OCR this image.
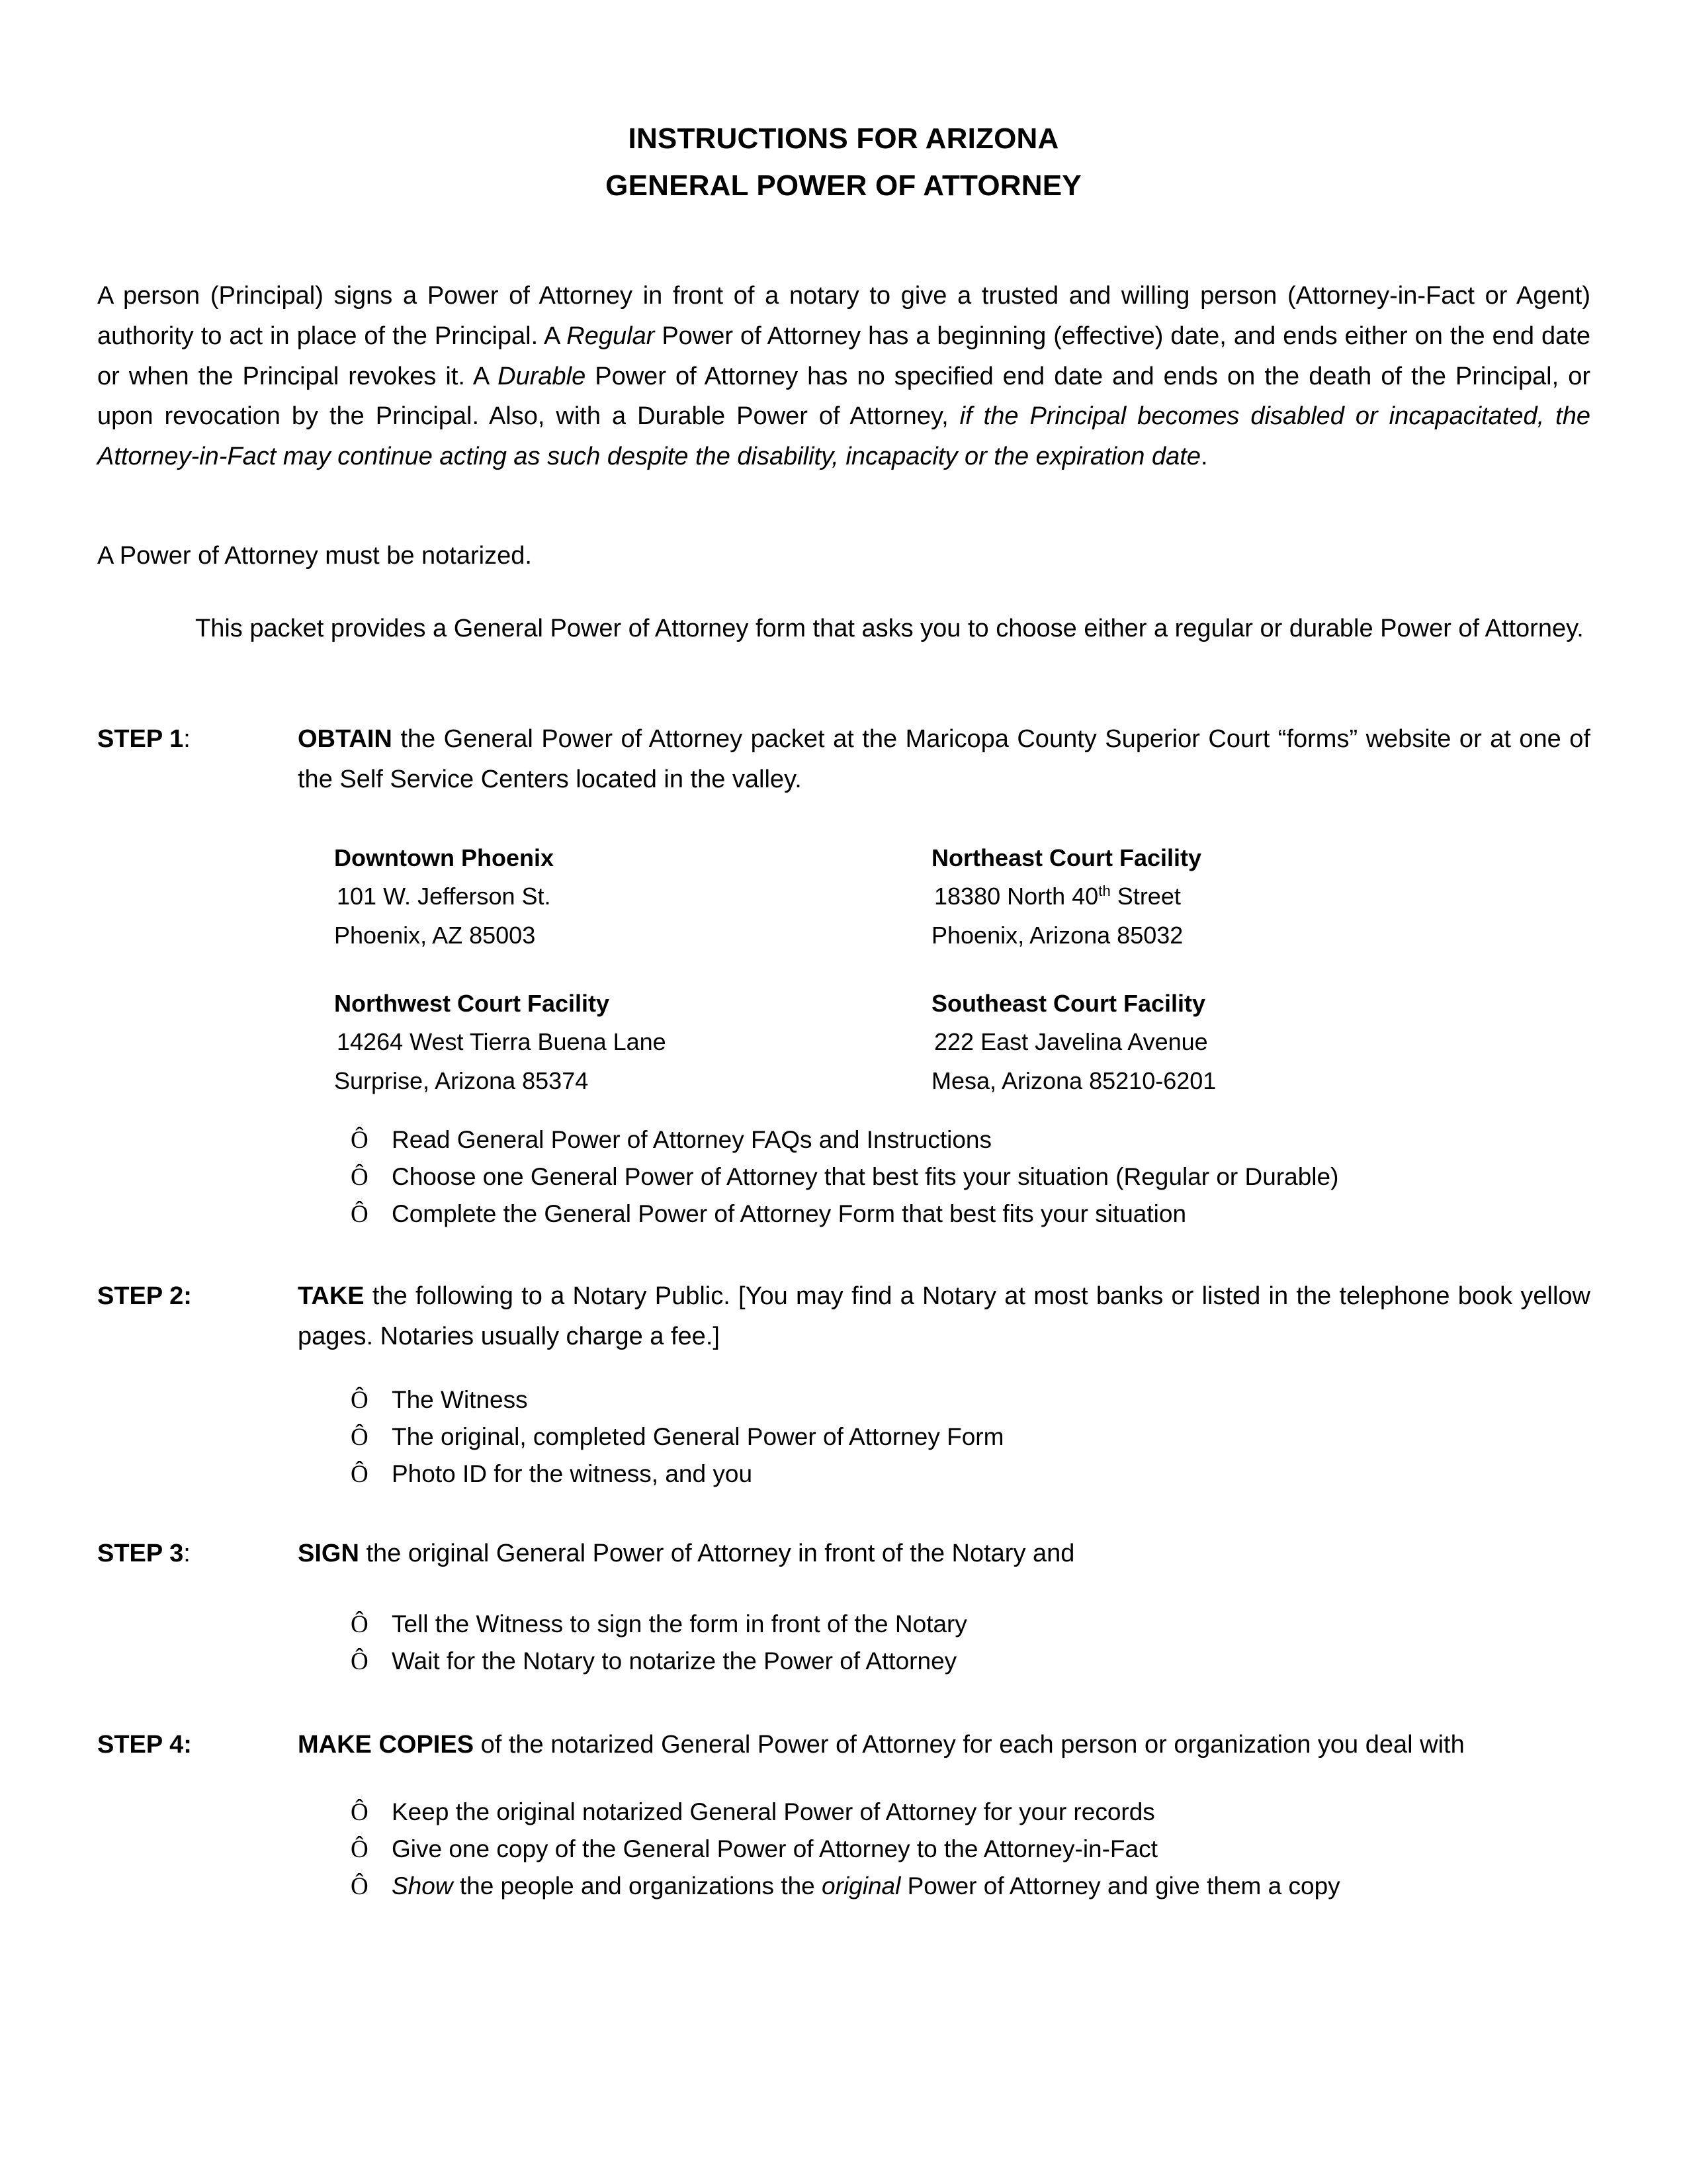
INSTRUCTIONS FOR ARIZONA
GENERAL POWER OF ATTORNEY

A person (Principal) signs a Power of Attorney in front of a notary to give a trusted and willing person (Attorney-in-Fact or Agent) authority to act in place of the Principal. A Regular Power of Attorney has a beginning (effective) date, and ends either on the end date or when the Principal revokes it. A Durable Power of Attorney has no specified end date and ends on the death of the Principal, or upon revocation by the Principal. Also, with a Durable Power of Attorney, if the Principal becomes disabled or incapacitated, the Attorney-in-Fact may continue acting as such despite the disability, incapacity or the expiration date.

A Power of Attorney must be notarized.

This packet provides a General Power of Attorney form that asks you to choose either a regular or durable Power of Attorney.

STEP 1:	OBTAIN the General Power of Attorney packet at the Maricopa County Superior Court “forms” website or at one of the Self Service Centers located in the valley.
Downtown Phoenix
101 W. Jefferson St.
Phoenix, AZ 85003
Northeast Court Facility
18380 North 40th Street
Phoenix, Arizona 85032
Northwest Court Facility
14264 West Tierra Buena Lane
Surprise, Arizona 85374
Southeast Court Facility
222 East Javelina Avenue
Mesa, Arizona 85210-6201
Ô Read General Power of Attorney FAQs and Instructions
Ô Choose one General Power of Attorney that best fits your situation (Regular or Durable)
Ô Complete the General Power of Attorney Form that best fits your situation
STEP 2:	TAKE the following to a Notary Public. [You may find a Notary at most banks or listed in the telephone book yellow pages. Notaries usually charge a fee.]
Ô The Witness
Ô The original, completed General Power of Attorney Form
Ô Photo ID for the witness, and you
STEP 3:	SIGN the original General Power of Attorney in front of the Notary and
Ô Tell the Witness to sign the form in front of the Notary
Ô Wait for the Notary to notarize the Power of Attorney
STEP 4:	MAKE COPIES of the notarized General Power of Attorney for each person or organization you deal with
Ô Keep the original notarized General Power of Attorney for your records
Ô Give one copy of the General Power of Attorney to the Attorney-in-Fact
Ô Show the people and organizations the original Power of Attorney and give them a copy
